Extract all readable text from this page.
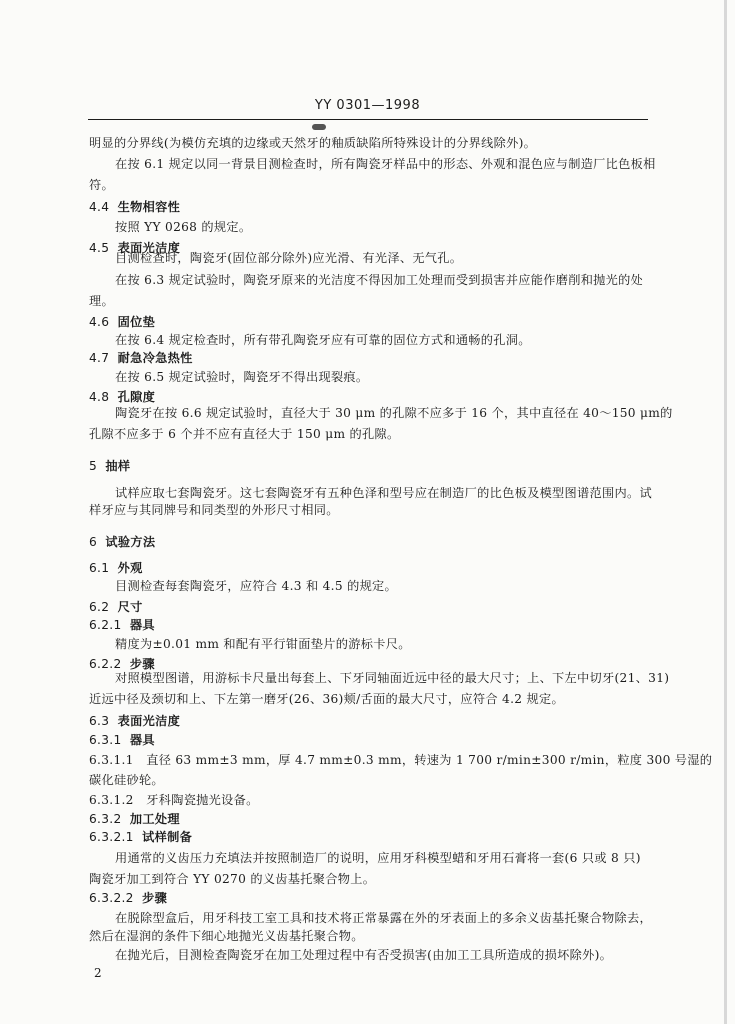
YY 0301—1998
明显的分界线(为模仿充填的边缘或天然牙的釉质缺陷所特殊设计的分界线除外)。
在按 6.1 规定以同一背景目测检查时，所有陶瓷牙样品中的形态、外观和混色应与制造厂比色板相
符。
4.4 生物相容性
按照 YY 0268 的规定。
4.5 表面光洁度
目测检查时，陶瓷牙(固位部分除外)应光滑、有光泽、无气孔。
在按 6.3 规定试验时，陶瓷牙原来的光洁度不得因加工处理而受到损害并应能作磨削和抛光的处
理。
4.6 固位垫
在按 6.4 规定检查时，所有带孔陶瓷牙应有可靠的固位方式和通畅的孔洞。
4.7 耐急冷急热性
在按 6.5 规定试验时，陶瓷牙不得出现裂痕。
4.8 孔隙度
陶瓷牙在按 6.6 规定试验时，直径大于 30 μm 的孔隙不应多于 16 个，其中直径在 40～150 μm的
孔隙不应多于 6 个并不应有直径大于 150 μm 的孔隙。
5 抽样
试样应取七套陶瓷牙。这七套陶瓷牙有五种色泽和型号应在制造厂的比色板及模型图谱范围内。试
样牙应与其同牌号和同类型的外形尺寸相同。
6 试验方法
6.1 外观
目测检查每套陶瓷牙，应符合 4.3 和 4.5 的规定。
6.2 尺寸
6.2.1 器具
精度为±0.01 mm 和配有平行钳面垫片的游标卡尺。
6.2.2 步骤
对照模型图谱，用游标卡尺量出每套上、下牙同轴面近远中径的最大尺寸；上、下左中切牙(21、31)
近远中径及颈切和上、下左第一磨牙(26、36)颊/舌面的最大尺寸，应符合 4.2 规定。
6.3 表面光洁度
6.3.1 器具
6.3.1.1　直径 63 mm±3 mm，厚 4.7 mm±0.3 mm，转速为 1 700 r/min±300 r/min，粒度 300 号湿的
碳化硅砂轮。
6.3.1.2　牙科陶瓷抛光设备。
6.3.2 加工处理
6.3.2.1 试样制备
用通常的义齿压力充填法并按照制造厂的说明，应用牙科模型蜡和牙用石膏将一套(6 只或 8 只)
陶瓷牙加工到符合 YY 0270 的义齿基托聚合物上。
6.3.2.2 步骤
在脱除型盒后，用牙科技工室工具和技术将正常暴露在外的牙表面上的多余义齿基托聚合物除去，
然后在湿润的条件下细心地抛光义齿基托聚合物。
在抛光后，目测检查陶瓷牙在加工处理过程中有否受损害(由加工工具所造成的损坏除外)。
2
